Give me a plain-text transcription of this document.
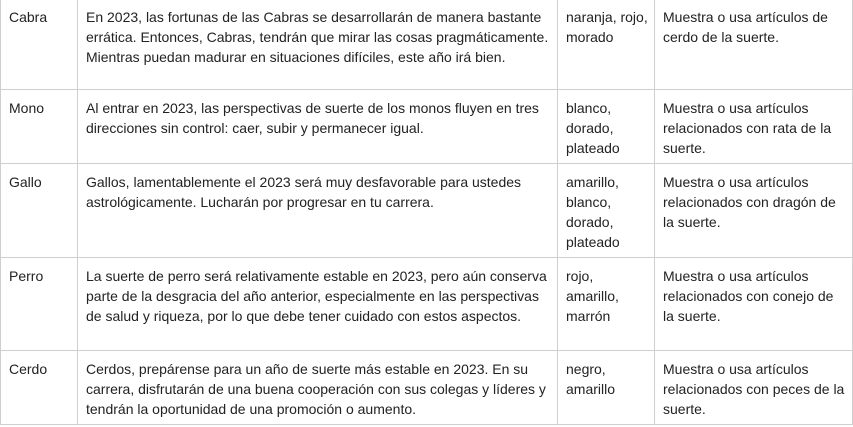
Cabra	En 2023, las fortunas de las Cabras se desarrollarán de manera bastante errática. Entonces, Cabras, tendrán que mirar las cosas pragmáticamente. Mientras puedan madurar en situaciones difíciles, este año irá bien.	naranja, rojo, morado	Muestra o usa artículos de cerdo de la suerte.
Mono	Al entrar en 2023, las perspectivas de suerte de los monos fluyen en tres direcciones sin control: caer, subir y permanecer igual.	blanco, dorado, plateado	Muestra o usa artículos relacionados con rata de la suerte.
Gallo	Gallos, lamentablemente el 2023 será muy desfavorable para ustedes astrológicamente. Lucharán por progresar en tu carrera.	amarillo, blanco, dorado, plateado	Muestra o usa artículos relacionados con dragón de la suerte.
Perro	La suerte de perro será relativamente estable en 2023, pero aún conserva parte de la desgracia del año anterior, especialmente en las perspectivas de salud y riqueza, por lo que debe tener cuidado con estos aspectos.	rojo, amarillo, marrón	Muestra o usa artículos relacionados con conejo de la suerte.
Cerdo	Cerdos, prepárense para un año de suerte más estable en 2023. En su carrera, disfrutarán de una buena cooperación con sus colegas y líderes y tendrán la oportunidad de una promoción o aumento.	negro, amarillo	Muestra o usa artículos relacionados con peces de la suerte.
